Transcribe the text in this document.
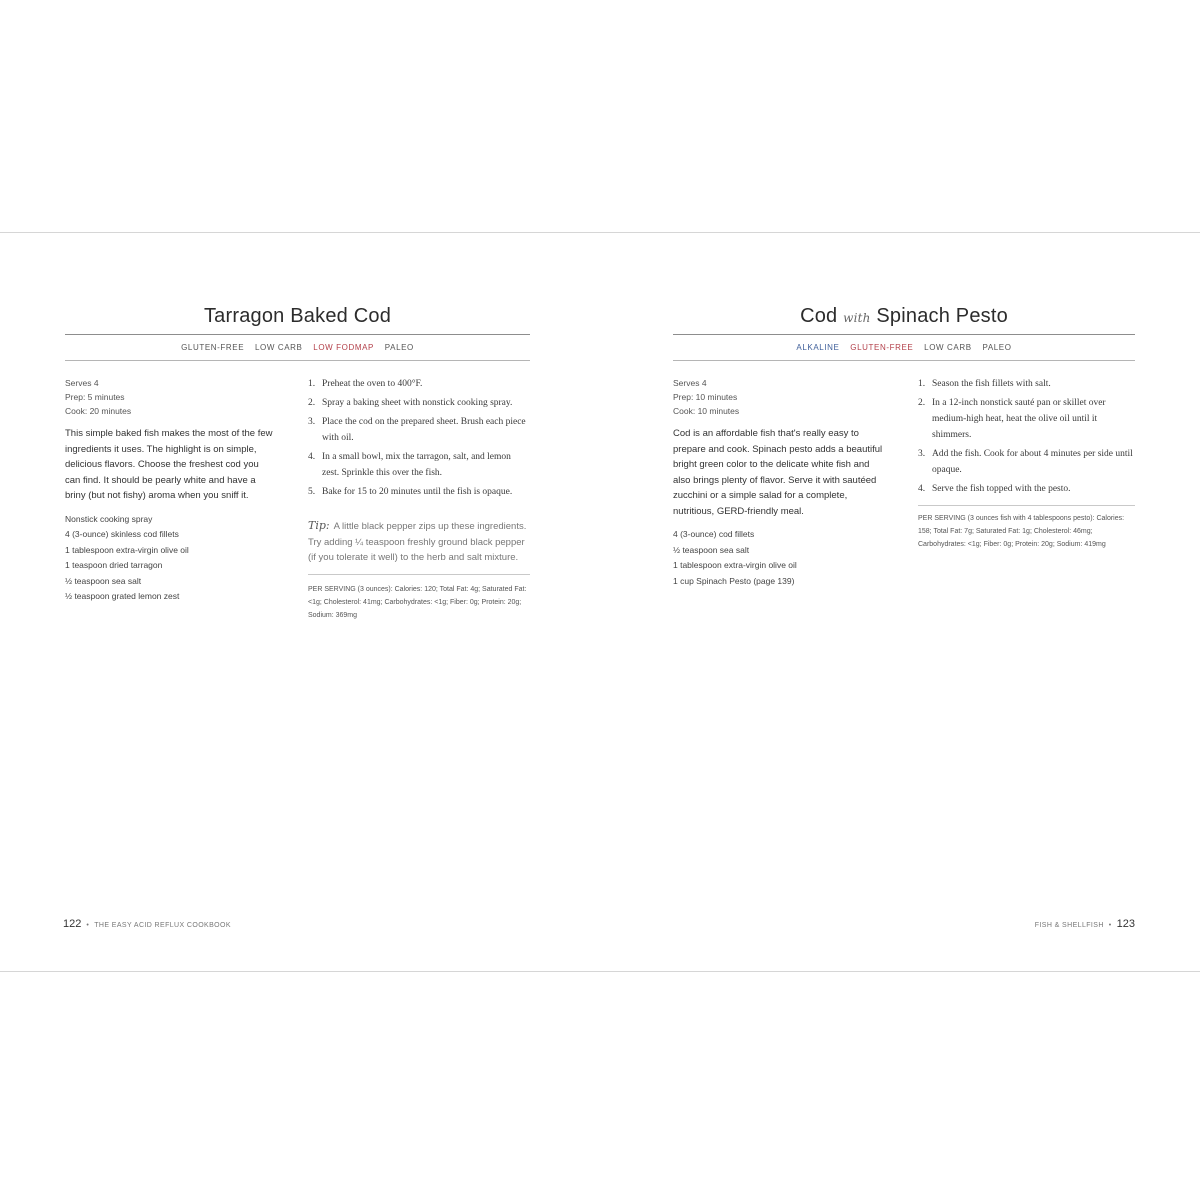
Tarragon Baked Cod
GLUTEN-FREE LOW CARB LOW FODMAP PALEO
Serves 4
Prep: 5 minutes
Cook: 20 minutes
This simple baked fish makes the most of the few ingredients it uses. The highlight is on simple, delicious flavors. Choose the freshest cod you can find. It should be pearly white and have a briny (but not fishy) aroma when you sniff it.
Nonstick cooking spray
4 (3-ounce) skinless cod fillets
1 tablespoon extra-virgin olive oil
1 teaspoon dried tarragon
½ teaspoon sea salt
½ teaspoon grated lemon zest
1. Preheat the oven to 400°F.
2. Spray a baking sheet with nonstick cooking spray.
3. Place the cod on the prepared sheet. Brush each piece with oil.
4. In a small bowl, mix the tarragon, salt, and lemon zest. Sprinkle this over the fish.
5. Bake for 15 to 20 minutes until the fish is opaque.
Tip: A little black pepper zips up these ingredients. Try adding ¼ teaspoon freshly ground black pepper (if you tolerate it well) to the herb and salt mixture.
PER SERVING (3 ounces): Calories: 120; Total Fat: 4g; Saturated Fat: <1g; Cholesterol: 41mg; Carbohydrates: <1g; Fiber: 0g; Protein: 20g; Sodium: 369mg
122 • THE EASY ACID REFLUX COOKBOOK
Cod with Spinach Pesto
ALKALINE GLUTEN-FREE LOW CARB PALEO
Serves 4
Prep: 10 minutes
Cook: 10 minutes
Cod is an affordable fish that's really easy to prepare and cook. Spinach pesto adds a beautiful bright green color to the delicate white fish and also brings plenty of flavor. Serve it with sautéed zucchini or a simple salad for a complete, nutritious, GERD-friendly meal.
4 (3-ounce) cod fillets
½ teaspoon sea salt
1 tablespoon extra-virgin olive oil
1 cup Spinach Pesto (page 139)
1. Season the fish fillets with salt.
2. In a 12-inch nonstick sauté pan or skillet over medium-high heat, heat the olive oil until it shimmers.
3. Add the fish. Cook for about 4 minutes per side until opaque.
4. Serve the fish topped with the pesto.
PER SERVING (3 ounces fish with 4 tablespoons pesto): Calories: 158; Total Fat: 7g; Saturated Fat: 1g; Cholesterol: 46mg; Carbohydrates: <1g; Fiber: 0g; Protein: 20g; Sodium: 419mg
FISH & SHELLFISH • 123
